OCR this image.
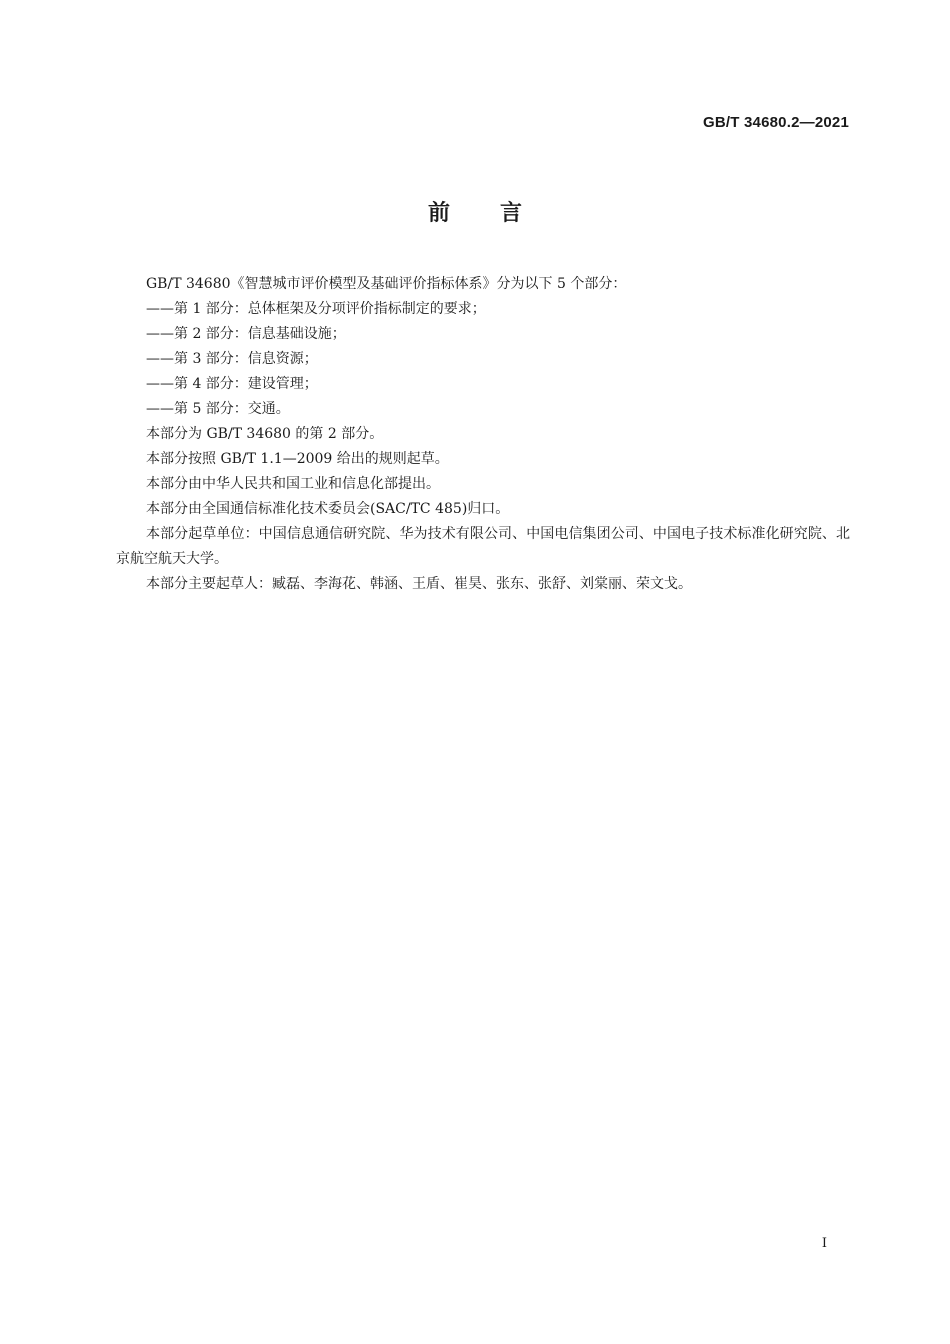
GB/T 34680.2—2021
前 言

GB/T 34680《智慧城市评价模型及基础评价指标体系》分为以下 5 个部分：

——第 1 部分：总体框架及分项评价指标制定的要求；

——第 2 部分：信息基础设施；

——第 3 部分：信息资源；

——第 4 部分：建设管理；

——第 5 部分：交通。

本部分为 GB/T 34680 的第 2 部分。

本部分按照 GB/T 1.1—2009 给出的规则起草。

本部分由中华人民共和国工业和信息化部提出。

本部分由全国通信标准化技术委员会(SAC/TC 485)归口。

本部分起草单位：中国信息通信研究院、华为技术有限公司、中国电信集团公司、中国电子技术标准化研究院、北京航空航天大学。

本部分主要起草人：臧磊、李海花、韩涵、王盾、崔昊、张东、张舒、刘棠丽、荣文戈。

I
